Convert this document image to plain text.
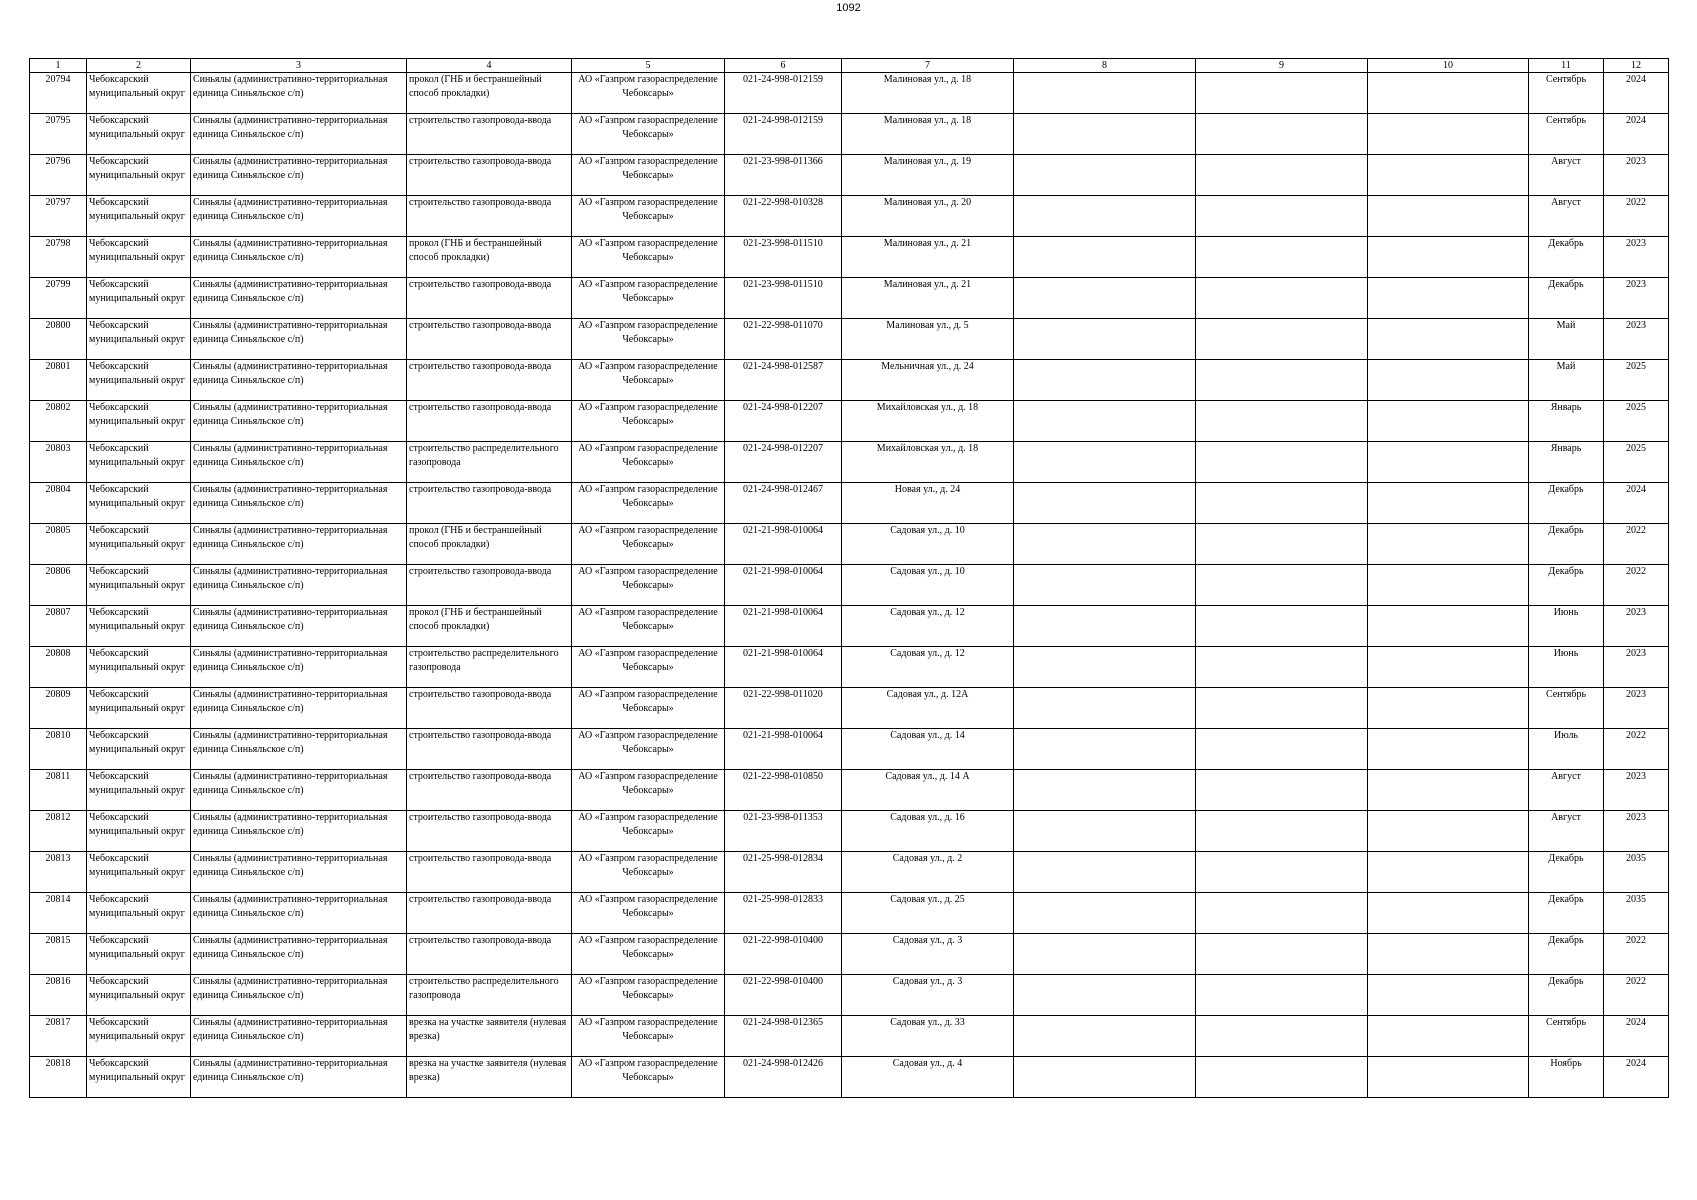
1092
1	2	3	4	5	6	7	8	9	10	11	12

20794	Чебоксарский муниципальный округ	Синьялы (административно-территориальная единица Синьяльское с/п)	прокол (ГНБ и бестраншейный способ прокладки)	АО «Газпром газораспределение Чебоксары»	021-24-998-012159	Малиновая ул., д. 18				Сентябрь	2024

20795	Чебоксарский муниципальный округ	Синьялы (административно-территориальная единица Синьяльское с/п)	строительство газопровода-ввода	АО «Газпром газораспределение Чебоксары»	021-24-998-012159	Малиновая ул., д. 18				Сентябрь	2024

20796	Чебоксарский муниципальный округ	Синьялы (административно-территориальная единица Синьяльское с/п)	строительство газопровода-ввода	АО «Газпром газораспределение Чебоксары»	021-23-998-011366	Малиновая ул., д. 19				Август	2023

20797	Чебоксарский муниципальный округ	Синьялы (административно-территориальная единица Синьяльское с/п)	строительство газопровода-ввода	АО «Газпром газораспределение Чебоксары»	021-22-998-010328	Малиновая ул., д. 20				Август	2022

20798	Чебоксарский муниципальный округ	Синьялы (административно-территориальная единица Синьяльское с/п)	прокол (ГНБ и бестраншейный способ прокладки)	АО «Газпром газораспределение Чебоксары»	021-23-998-011510	Малиновая ул., д. 21				Декабрь	2023

20799	Чебоксарский муниципальный округ	Синьялы (административно-территориальная единица Синьяльское с/п)	строительство газопровода-ввода	АО «Газпром газораспределение Чебоксары»	021-23-998-011510	Малиновая ул., д. 21				Декабрь	2023

20800	Чебоксарский муниципальный округ	Синьялы (административно-территориальная единица Синьяльское с/п)	строительство газопровода-ввода	АО «Газпром газораспределение Чебоксары»	021-22-998-011070	Малиновая ул., д. 5				Май	2023

20801	Чебоксарский муниципальный округ	Синьялы (административно-территориальная единица Синьяльское с/п)	строительство газопровода-ввода	АО «Газпром газораспределение Чебоксары»	021-24-998-012587	Мельничная ул., д. 24				Май	2025

20802	Чебоксарский муниципальный округ	Синьялы (административно-территориальная единица Синьяльское с/п)	строительство газопровода-ввода	АО «Газпром газораспределение Чебоксары»	021-24-998-012207	Михайловская ул., д. 18				Январь	2025

20803	Чебоксарский муниципальный округ	Синьялы (административно-территориальная единица Синьяльское с/п)	строительство распределительного газопровода	АО «Газпром газораспределение Чебоксары»	021-24-998-012207	Михайловская ул., д. 18				Январь	2025

20804	Чебоксарский муниципальный округ	Синьялы (административно-территориальная единица Синьяльское с/п)	строительство газопровода-ввода	АО «Газпром газораспределение Чебоксары»	021-24-998-012467	Новая ул., д. 24				Декабрь	2024

20805	Чебоксарский муниципальный округ	Синьялы (административно-территориальная единица Синьяльское с/п)	прокол (ГНБ и бестраншейный способ прокладки)	АО «Газпром газораспределение Чебоксары»	021-21-998-010064	Садовая ул., д. 10				Декабрь	2022

20806	Чебоксарский муниципальный округ	Синьялы (административно-территориальная единица Синьяльское с/п)	строительство газопровода-ввода	АО «Газпром газораспределение Чебоксары»	021-21-998-010064	Садовая ул., д. 10				Декабрь	2022

20807	Чебоксарский муниципальный округ	Синьялы (административно-территориальная единица Синьяльское с/п)	прокол (ГНБ и бестраншейный способ прокладки)	АО «Газпром газораспределение Чебоксары»	021-21-998-010064	Садовая ул., д. 12				Июнь	2023

20808	Чебоксарский муниципальный округ	Синьялы (административно-территориальная единица Синьяльское с/п)	строительство распределительного газопровода	АО «Газпром газораспределение Чебоксары»	021-21-998-010064	Садовая ул., д. 12				Июнь	2023

20809	Чебоксарский муниципальный округ	Синьялы (административно-территориальная единица Синьяльское с/п)	строительство газопровода-ввода	АО «Газпром газораспределение Чебоксары»	021-22-998-011020	Садовая ул., д. 12А				Сентябрь	2023

20810	Чебоксарский муниципальный округ	Синьялы (административно-территориальная единица Синьяльское с/п)	строительство газопровода-ввода	АО «Газпром газораспределение Чебоксары»	021-21-998-010064	Садовая ул., д. 14				Июль	2022

20811	Чебоксарский муниципальный округ	Синьялы (административно-территориальная единица Синьяльское с/п)	строительство газопровода-ввода	АО «Газпром газораспределение Чебоксары»	021-22-998-010850	Садовая ул., д. 14 А				Август	2023

20812	Чебоксарский муниципальный округ	Синьялы (административно-территориальная единица Синьяльское с/п)	строительство газопровода-ввода	АО «Газпром газораспределение Чебоксары»	021-23-998-011353	Садовая ул., д. 16				Август	2023

20813	Чебоксарский муниципальный округ	Синьялы (административно-территориальная единица Синьяльское с/п)	строительство газопровода-ввода	АО «Газпром газораспределение Чебоксары»	021-25-998-012834	Садовая ул., д. 2				Декабрь	2035

20814	Чебоксарский муниципальный округ	Синьялы (административно-территориальная единица Синьяльское с/п)	строительство газопровода-ввода	АО «Газпром газораспределение Чебоксары»	021-25-998-012833	Садовая ул., д. 25				Декабрь	2035

20815	Чебоксарский муниципальный округ	Синьялы (административно-территориальная единица Синьяльское с/п)	строительство газопровода-ввода	АО «Газпром газораспределение Чебоксары»	021-22-998-010400	Садовая ул., д. 3				Декабрь	2022

20816	Чебоксарский муниципальный округ	Синьялы (административно-территориальная единица Синьяльское с/п)	строительство распределительного газопровода	АО «Газпром газораспределение Чебоксары»	021-22-998-010400	Садовая ул., д. 3				Декабрь	2022

20817	Чебоксарский муниципальный округ	Синьялы (административно-территориальная единица Синьяльское с/п)	врезка на участке заявителя (нулевая врезка)	АО «Газпром газораспределение Чебоксары»	021-24-998-012365	Садовая ул., д. 33				Сентябрь	2024

20818	Чебоксарский муниципальный округ	Синьялы (административно-территориальная единица Синьяльское с/п)	врезка на участке заявителя (нулевая врезка)	АО «Газпром газораспределение Чебоксары»	021-24-998-012426	Садовая ул., д. 4				Ноябрь	2024
